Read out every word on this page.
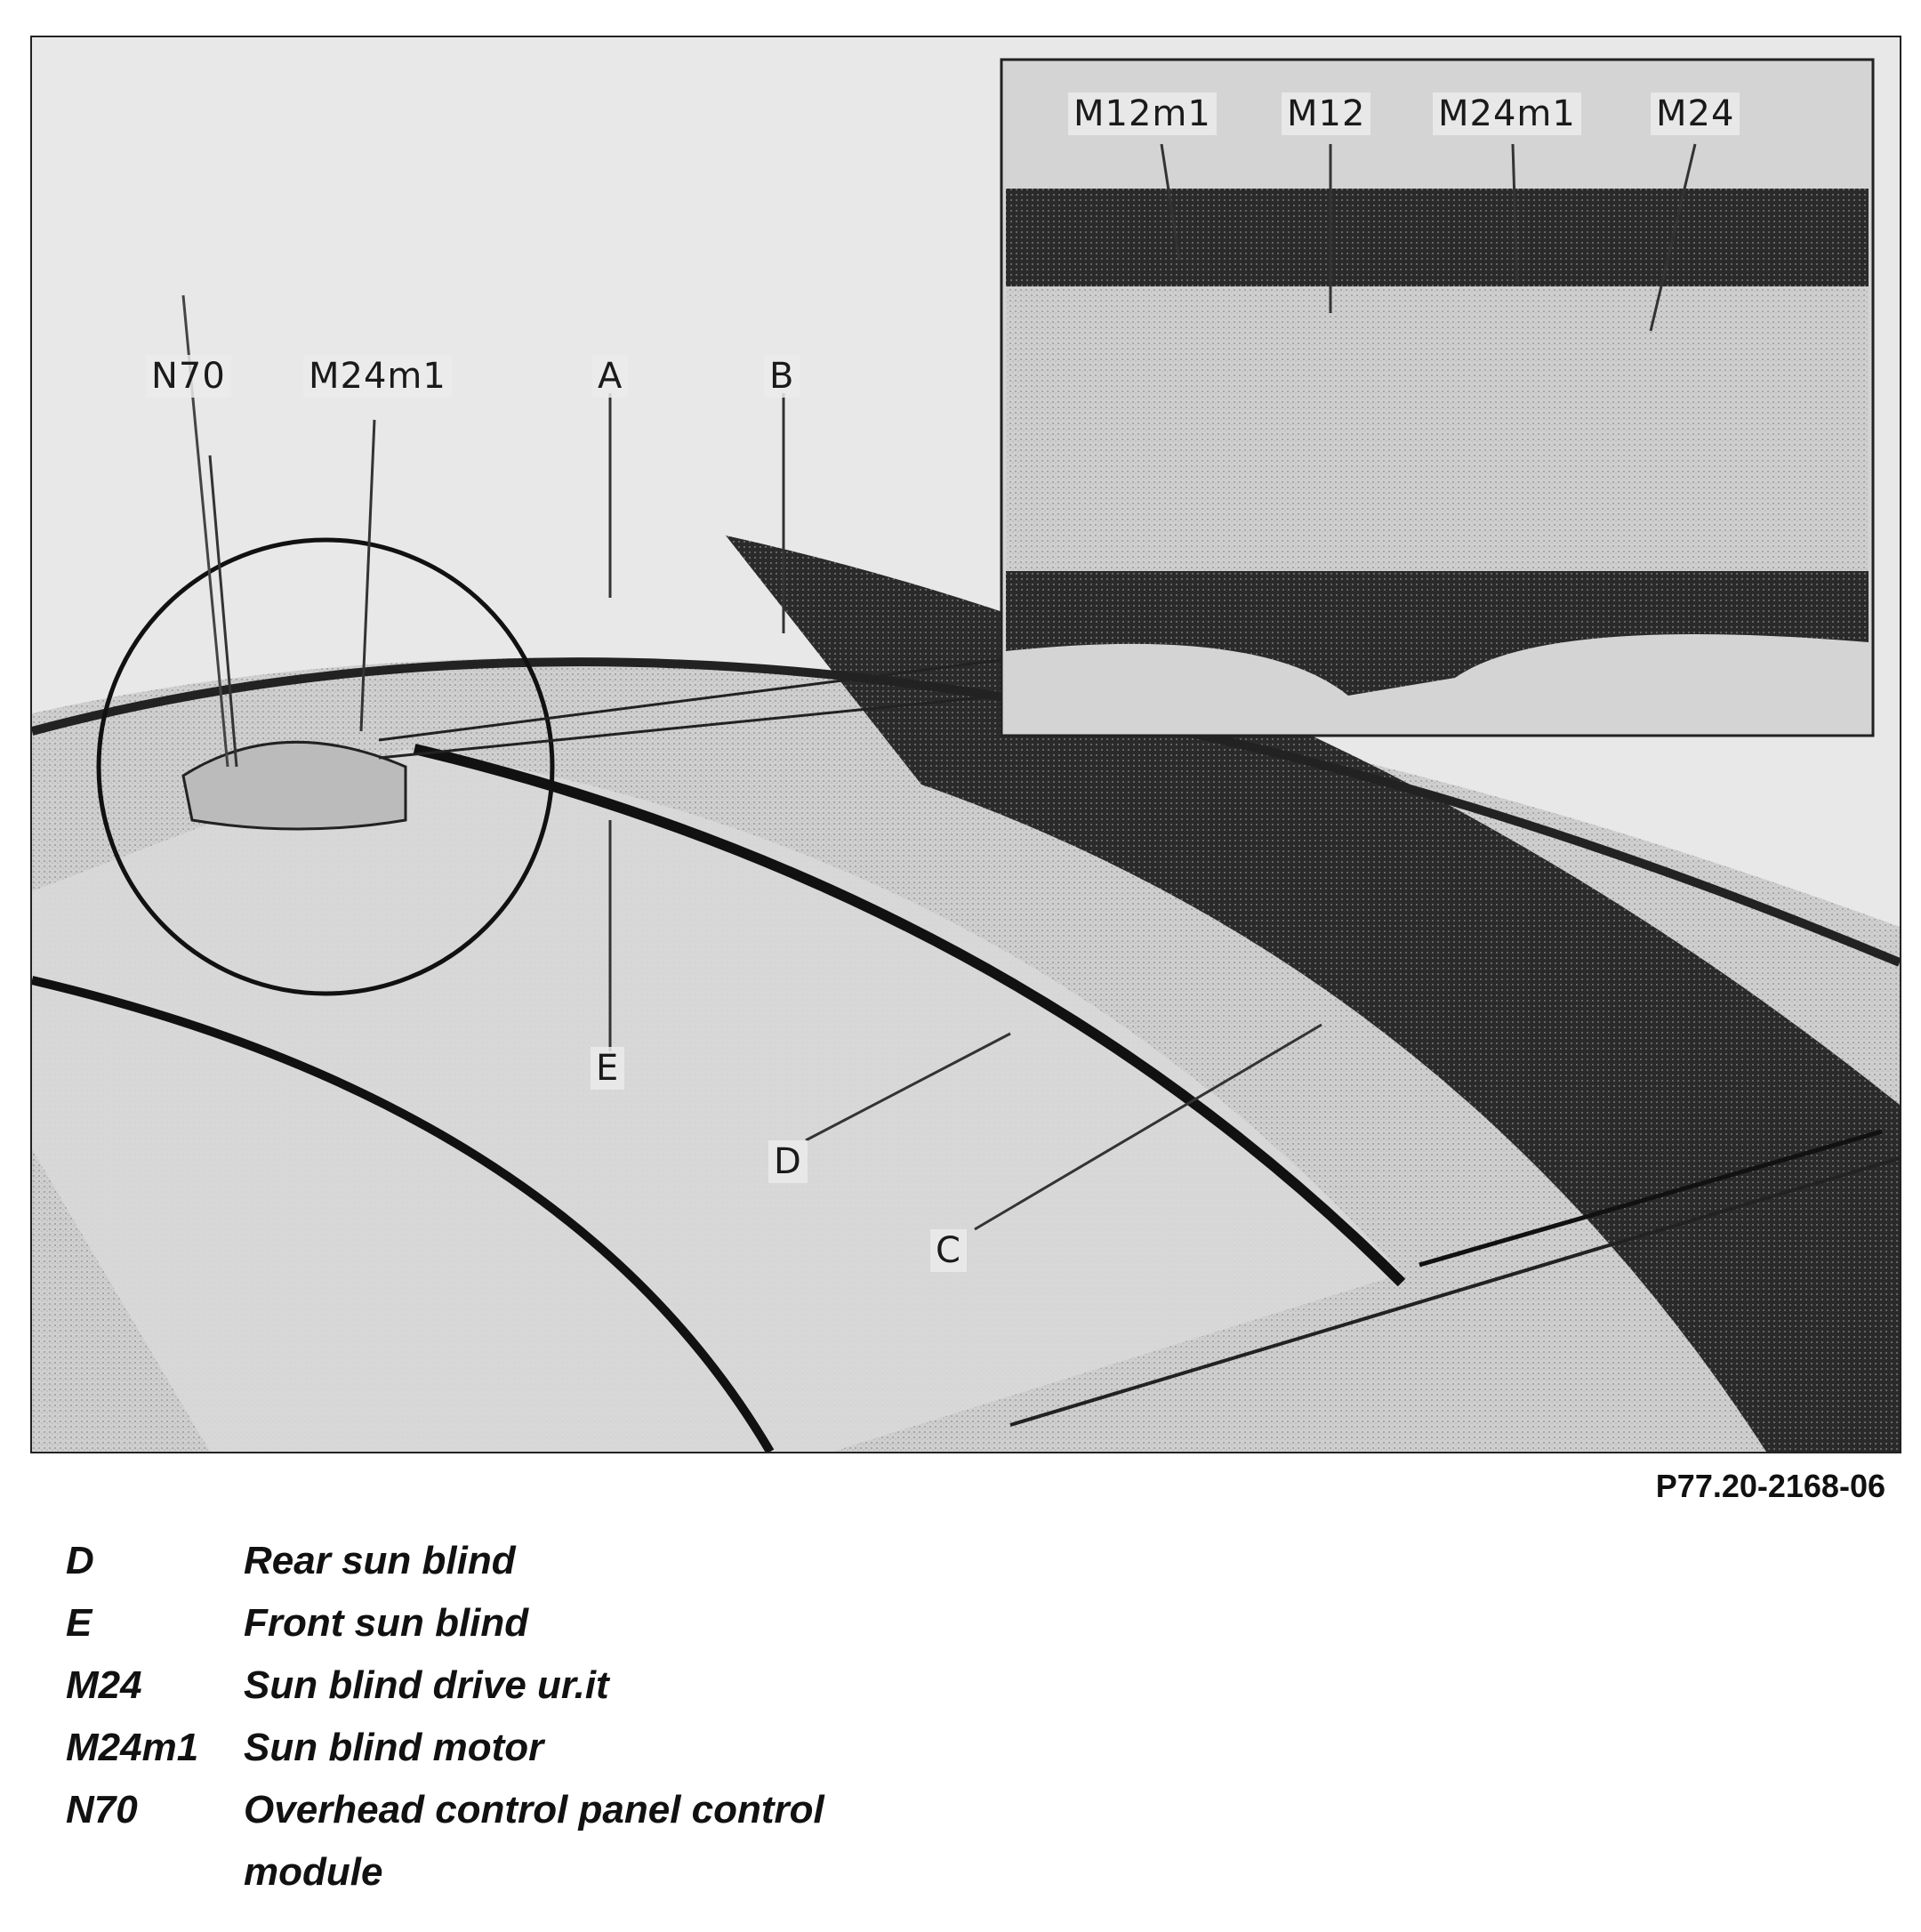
N70 M24m1	A	B
E
D
C
M12m1 M12 M24m1 M24
P77.20-2168-06
D	Rear sun blind
E	Front sun blind
M24	Sun blind drive ur.it
M24m1	Sun blind motor
N70	Overhead control panel control
module
